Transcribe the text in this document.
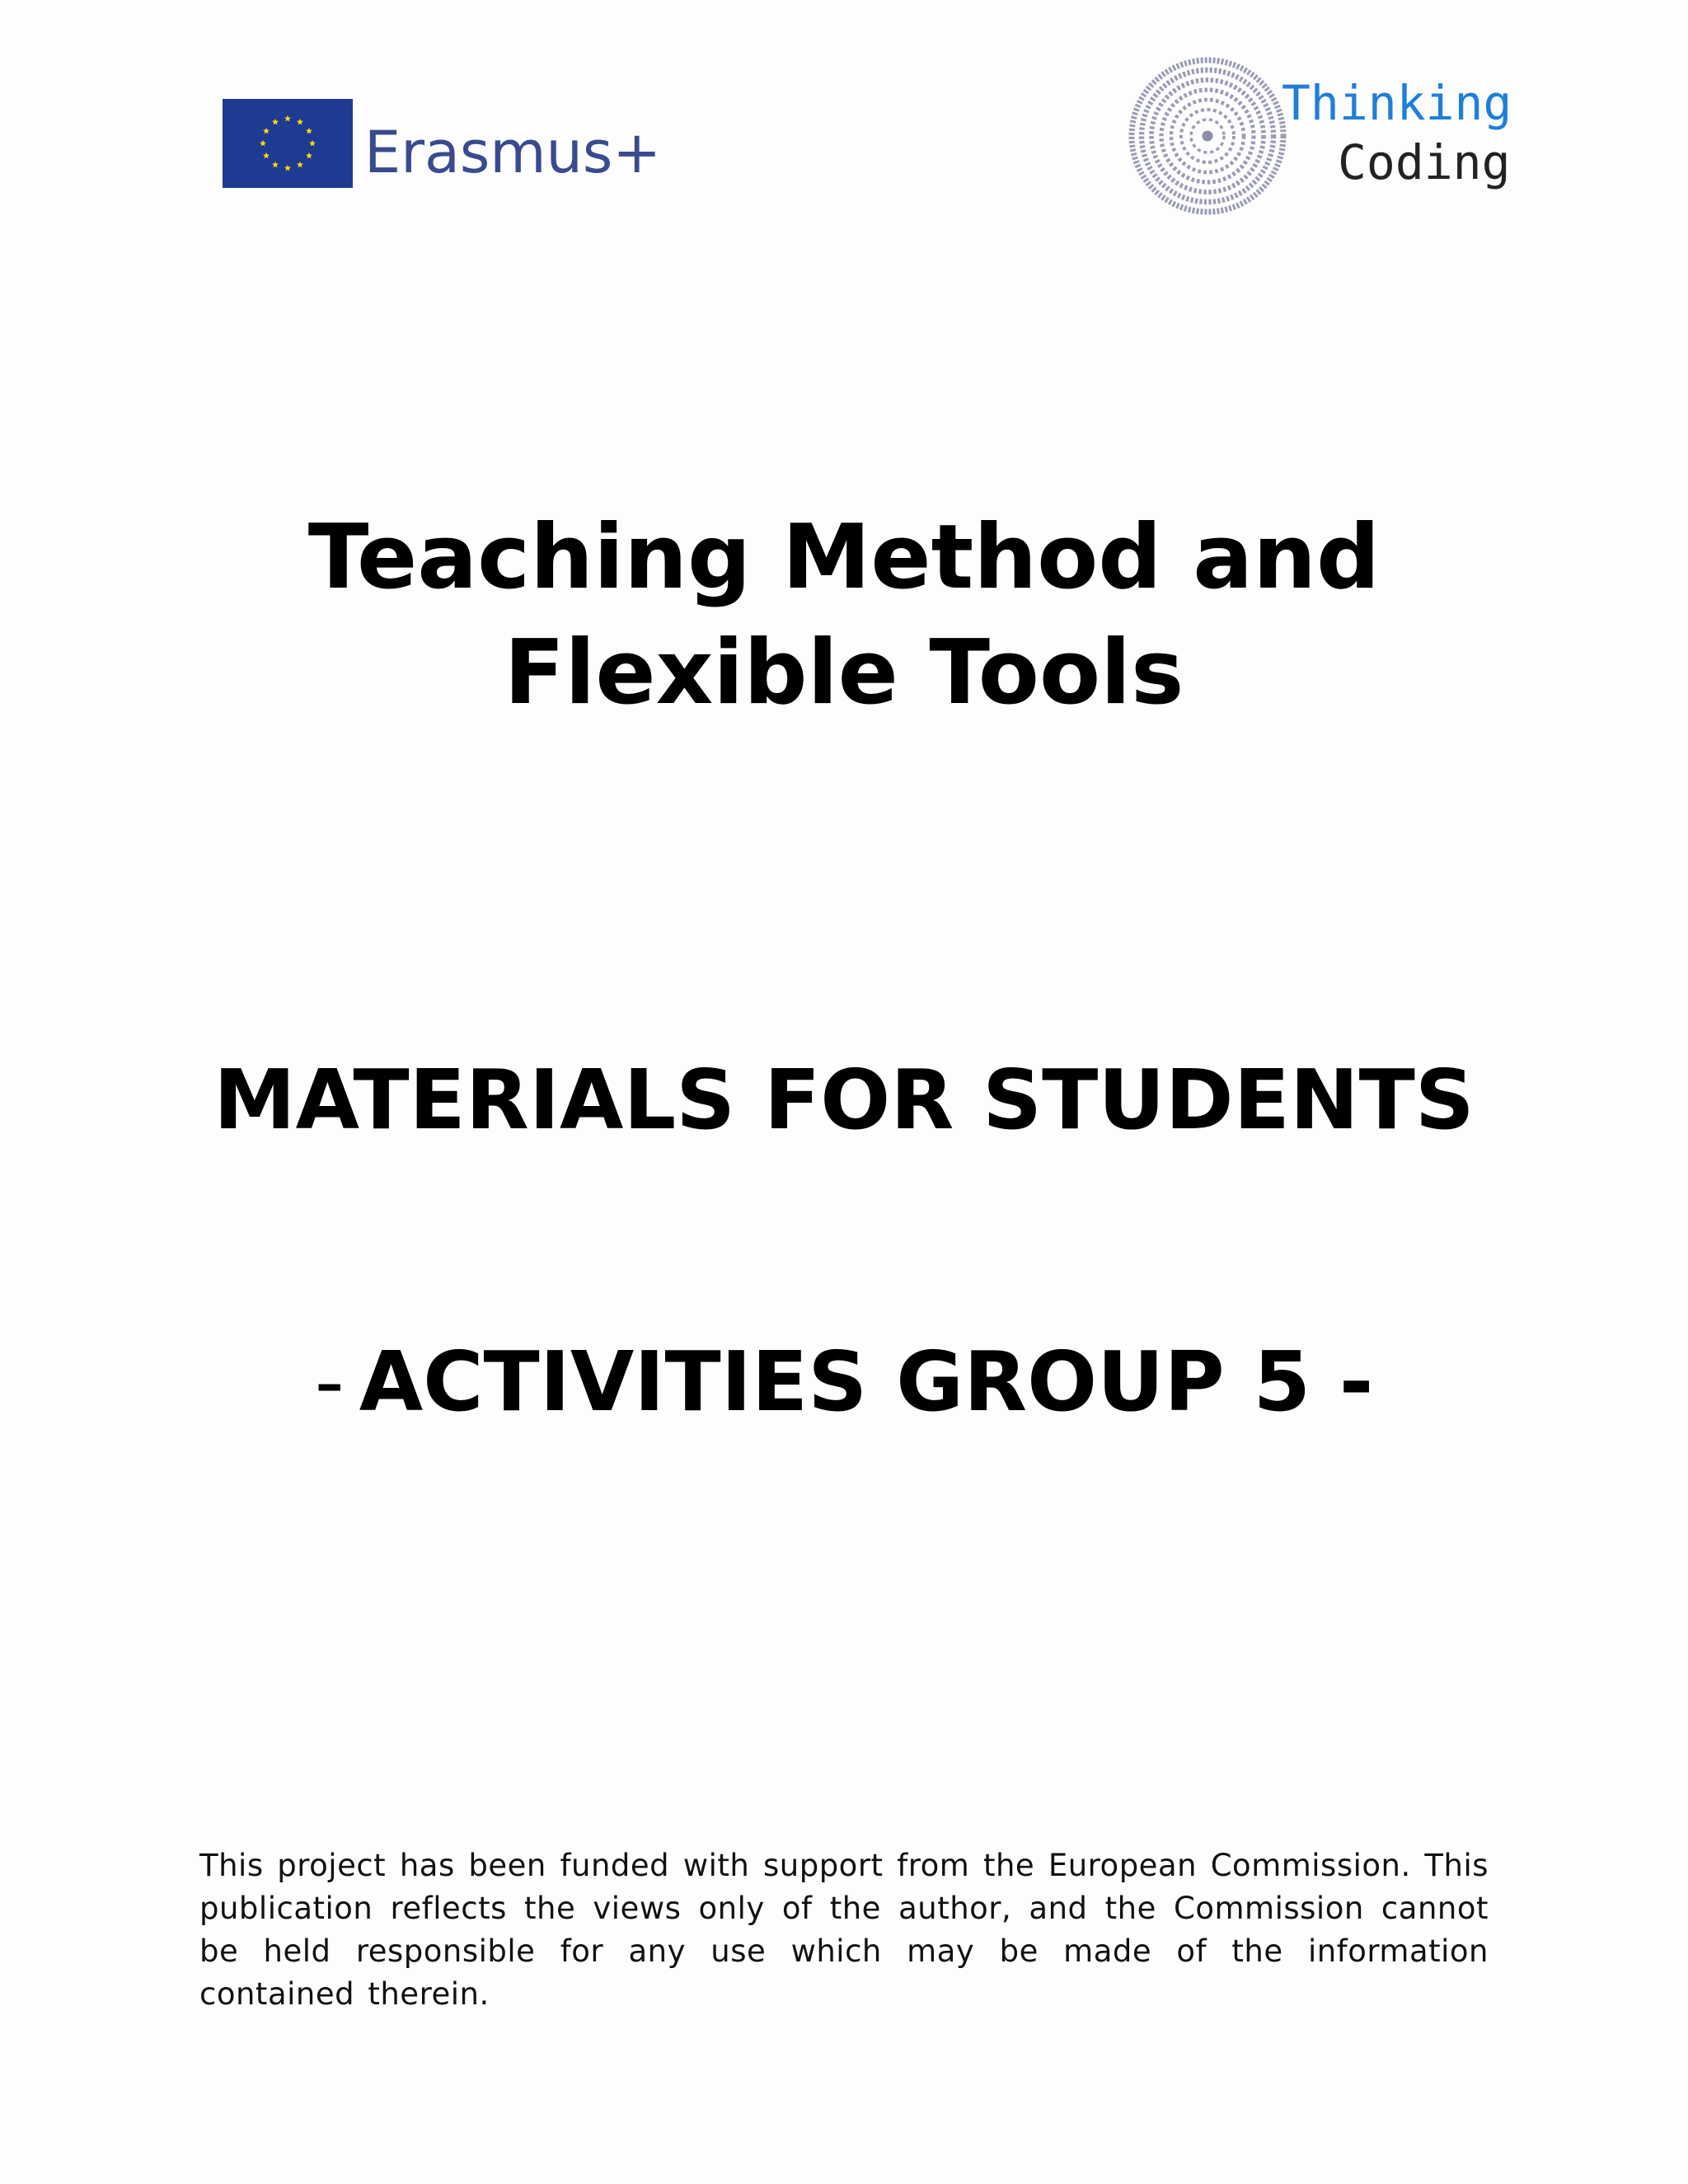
Erasmus+
Thinking
Coding
Teaching Method and
Flexible Tools
MATERIALS FOR STUDENTS
- ACTIVITIES GROUP 5 -

This project has been funded with support from the European Commission. This publication reflects the views only of the author, and the Commission cannot be held responsible for any use which may be made of the information contained therein.
